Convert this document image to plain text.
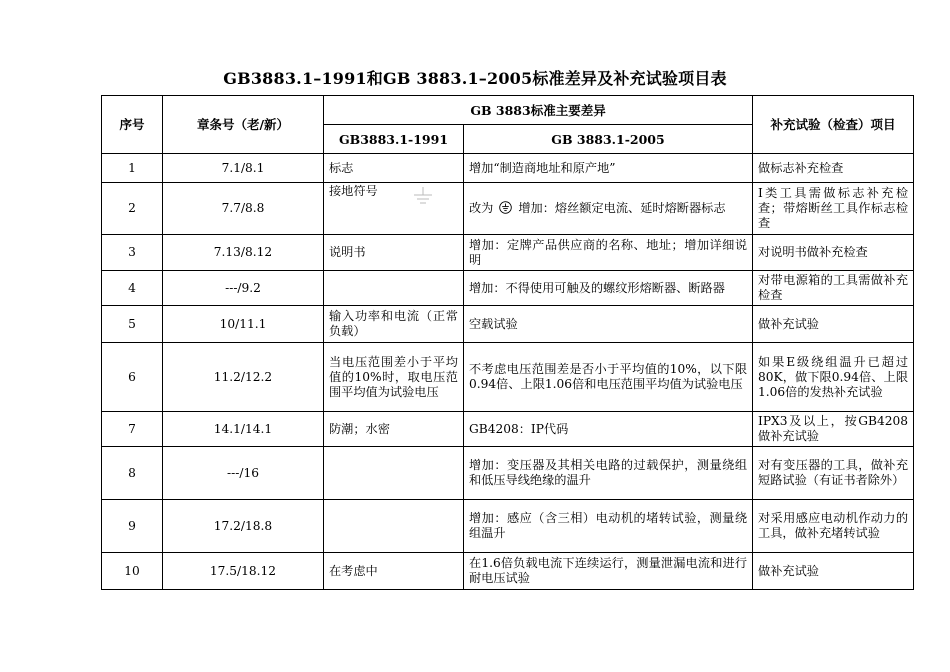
GB3883.1–1991和GB 3883.1–2005标准差异及补充试验项目表
序号	章条号（老/新）	GB 3883标准主要差异		补充试验（检查）项目
		GB3883.1-1991	GB 3883.1-2005	
1	7.1/8.1	标志	增加“制造商地址和原产地”	做标志补充检查
2	7.7/8.8	接地符号	改为 增加：熔丝额定电流、延时熔断器标志	I类工具需做标志补充检查；带熔断丝工具作标志检查
3	7.13/8.12	说明书	增加：定牌产品供应商的名称、地址；增加详细说明	对说明书做补充检查
4	---/9.2		增加：不得使用可触及的螺纹形熔断器、断路器	对带电源箱的工具需做补充检查
5	10/11.1	输入功率和电流（正常负载）	空载试验	做补充试验
6	11.2/12.2	当电压范围差小于平均值的10%时，取电压范围平均值为试验电压	不考虑电压范围差是否小于平均值的10%，以下限0.94倍、上限1.06倍和电压范围平均值为试验电压	如果E级绕组温升已超过80K，做下限0.94倍、上限1.06倍的发热补充试验
7	14.1/14.1	防潮；水密	GB4208：IP代码	IPX3及以上，按GB4208做补充试验
8	---/16		增加：变压器及其相关电路的过载保护，测量绕组和低压导线绝缘的温升	对有变压器的工具，做补充短路试验（有证书者除外）
9	17.2/18.8		增加：感应（含三相）电动机的堵转试验，测量绕组温升	对采用感应电动机作动力的工具，做补充堵转试验
10	17.5/18.12	在考虑中	在1.6倍负载电流下连续运行，测量泄漏电流和进行耐电压试验	做补充试验
